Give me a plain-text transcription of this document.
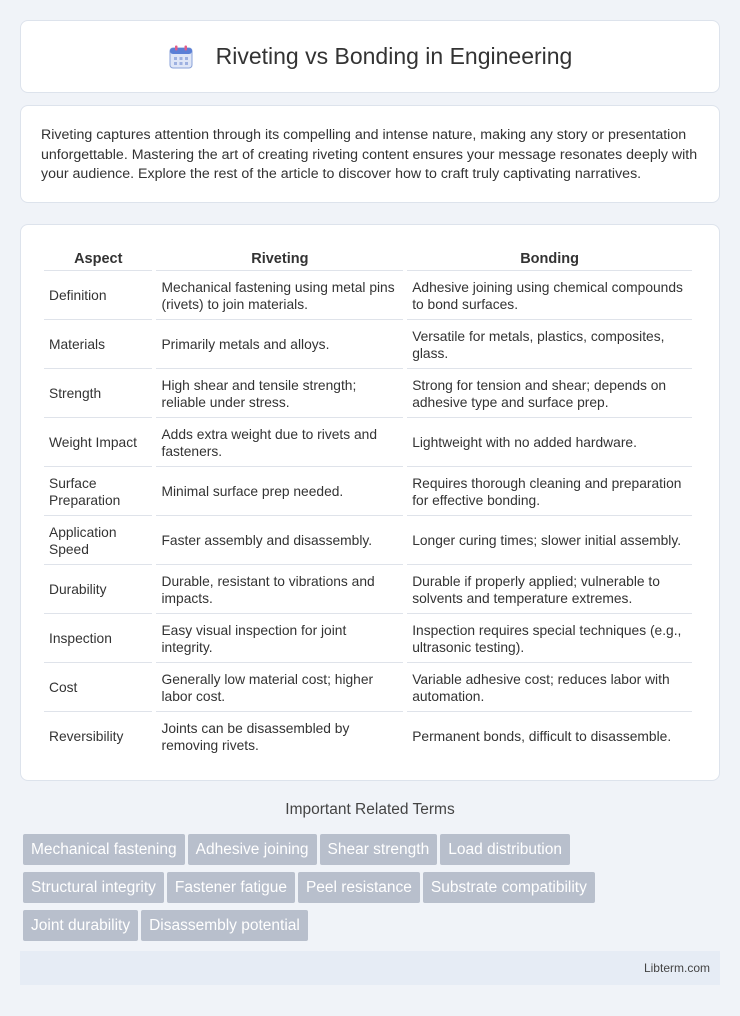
Riveting vs Bonding in Engineering

Riveting captures attention through its compelling and intense nature, making any story or presentation unforgettable. Mastering the art of creating riveting content ensures your message resonates deeply with your audience. Explore the rest of the article to discover how to craft truly captivating narratives.

Aspect	Riveting	Bonding
Definition	Mechanical fastening using metal pins (rivets) to join materials.	Adhesive joining using chemical compounds to bond surfaces.
Materials	Primarily metals and alloys.	Versatile for metals, plastics, composites, glass.
Strength	High shear and tensile strength; reliable under stress.	Strong for tension and shear; depends on adhesive type and surface prep.
Weight Impact	Adds extra weight due to rivets and fasteners.	Lightweight with no added hardware.
Surface Preparation	Minimal surface prep needed.	Requires thorough cleaning and preparation for effective bonding.
Application Speed	Faster assembly and disassembly.	Longer curing times; slower initial assembly.
Durability	Durable, resistant to vibrations and impacts.	Durable if properly applied; vulnerable to solvents and temperature extremes.
Inspection	Easy visual inspection for joint integrity.	Inspection requires special techniques (e.g., ultrasonic testing).
Cost	Generally low material cost; higher labor cost.	Variable adhesive cost; reduces labor with automation.
Reversibility	Joints can be disassembled by removing rivets.	Permanent bonds, difficult to disassemble.
Important Related Terms
Mechanical fastening Adhesive joining Shear strength Load distribution
Structural integrity Fastener fatigue Peel resistance Substrate compatibility
Joint durability Disassembly potential
Libterm.com
